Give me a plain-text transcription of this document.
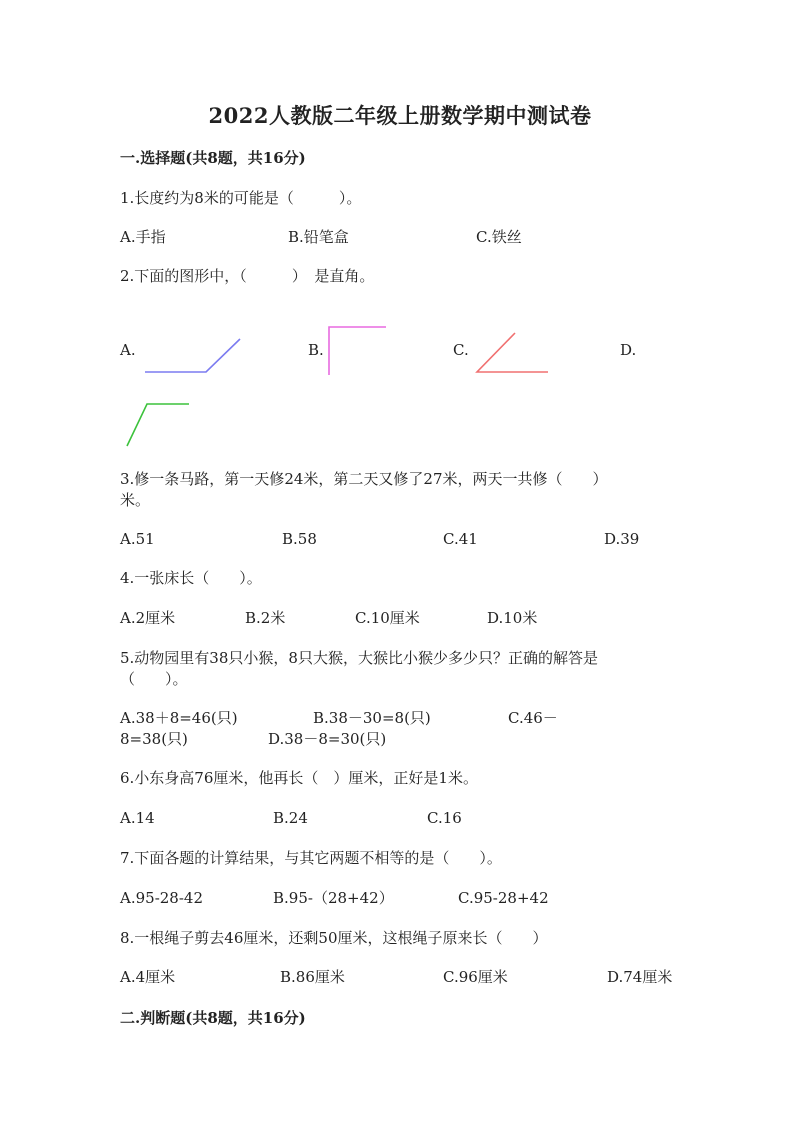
2022人教版二年级上册数学期中测试卷
一.选择题(共8题，共16分)
1.长度约为8米的可能是（　　　）。
A.手指	B.铅笔盒	C.铁丝
2.下面的图形中，（　　　）　是直角。
A.	B.	C.	D.
3.修一条马路，第一天修24米，第二天又修了27米，两天一共修（　　）
米。
A.51	B.58	C.41	D.39
4.一张床长（　　）。
A.2厘米	B.2米	C.10厘米	D.10米
5.动物园里有38只小猴，8只大猴，大猴比小猴少多少只？正确的解答是
（　　）。
A.38＋8=46(只)	B.38－30=8(只)	C.46－
8=38(只)	D.38－8=30(只)
6.小东身高76厘米，他再长（　）厘米，正好是1米。
A.14	B.24	C.16
7.下面各题的计算结果，与其它两题不相等的是（　　）。
A.95-28-42	B.95-（28+42）	C.95-28+42
8.一根绳子剪去46厘米，还剩50厘米，这根绳子原来长（　　）
A.4厘米	B.86厘米	C.96厘米	D.74厘米
二.判断题(共8题，共16分)
